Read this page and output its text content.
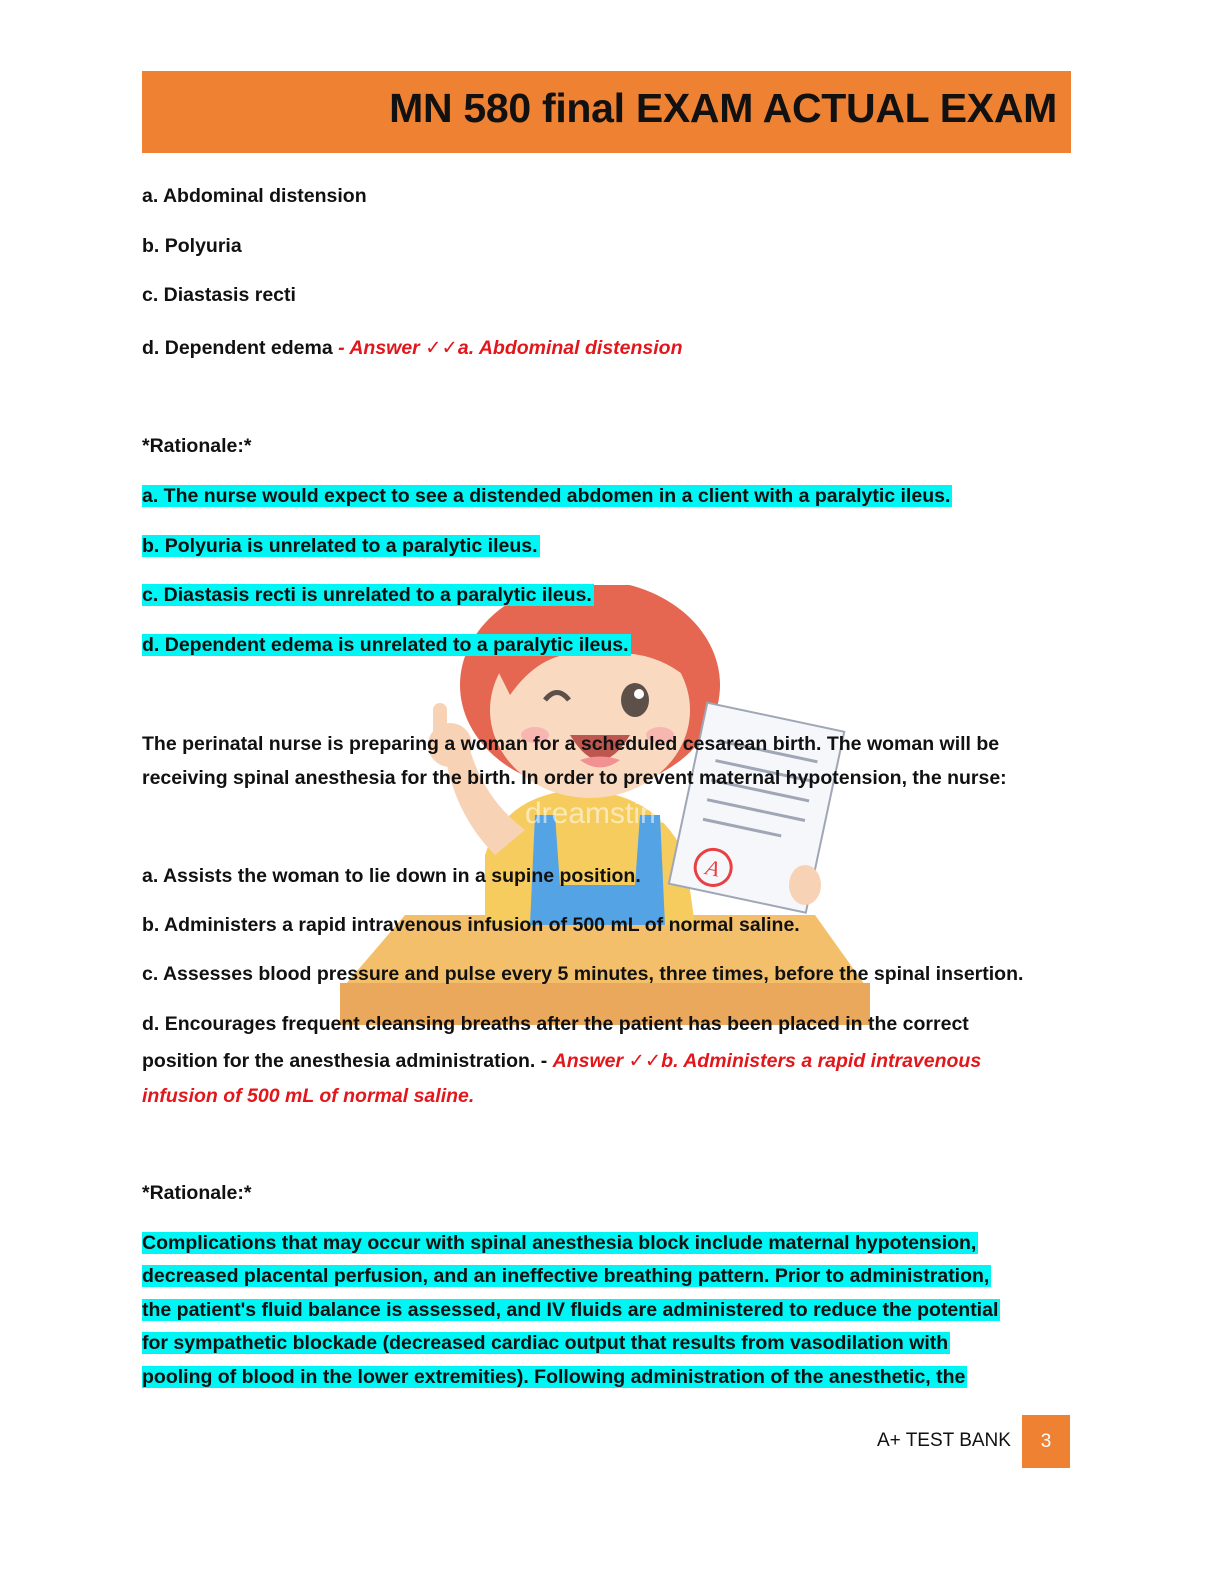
MN 580 final EXAM ACTUAL EXAM
A
dreamstime
a. Abdominal distension
b. Polyuria
c. Diastasis recti
d. Dependent edema - Answer ✓✓a. Abdominal distension
*Rationale:*
a. The nurse would expect to see a distended abdomen in a client with a paralytic ileus.
b. Polyuria is unrelated to a paralytic ileus.
c. Diastasis recti is unrelated to a paralytic ileus.
d. Dependent edema is unrelated to a paralytic ileus.
The perinatal nurse is preparing a woman for a scheduled cesarean birth. The woman will be
receiving spinal anesthesia for the birth. In order to prevent maternal hypotension, the nurse:
a. Assists the woman to lie down in a supine position.
b. Administers a rapid intravenous infusion of 500 mL of normal saline.
c. Assesses blood pressure and pulse every 5 minutes, three times, before the spinal insertion.
d. Encourages frequent cleansing breaths after the patient has been placed in the correct
position for the anesthesia administration. - Answer ✓✓b. Administers a rapid intravenous
infusion of 500 mL of normal saline.
*Rationale:*
Complications that may occur with spinal anesthesia block include maternal hypotension,
decreased placental perfusion, and an ineffective breathing pattern. Prior to administration,
the patient's fluid balance is assessed, and IV fluids are administered to reduce the potential
for sympathetic blockade (decreased cardiac output that results from vasodilation with
pooling of blood in the lower extremities). Following administration of the anesthetic, the
A+ TEST BANK	3
